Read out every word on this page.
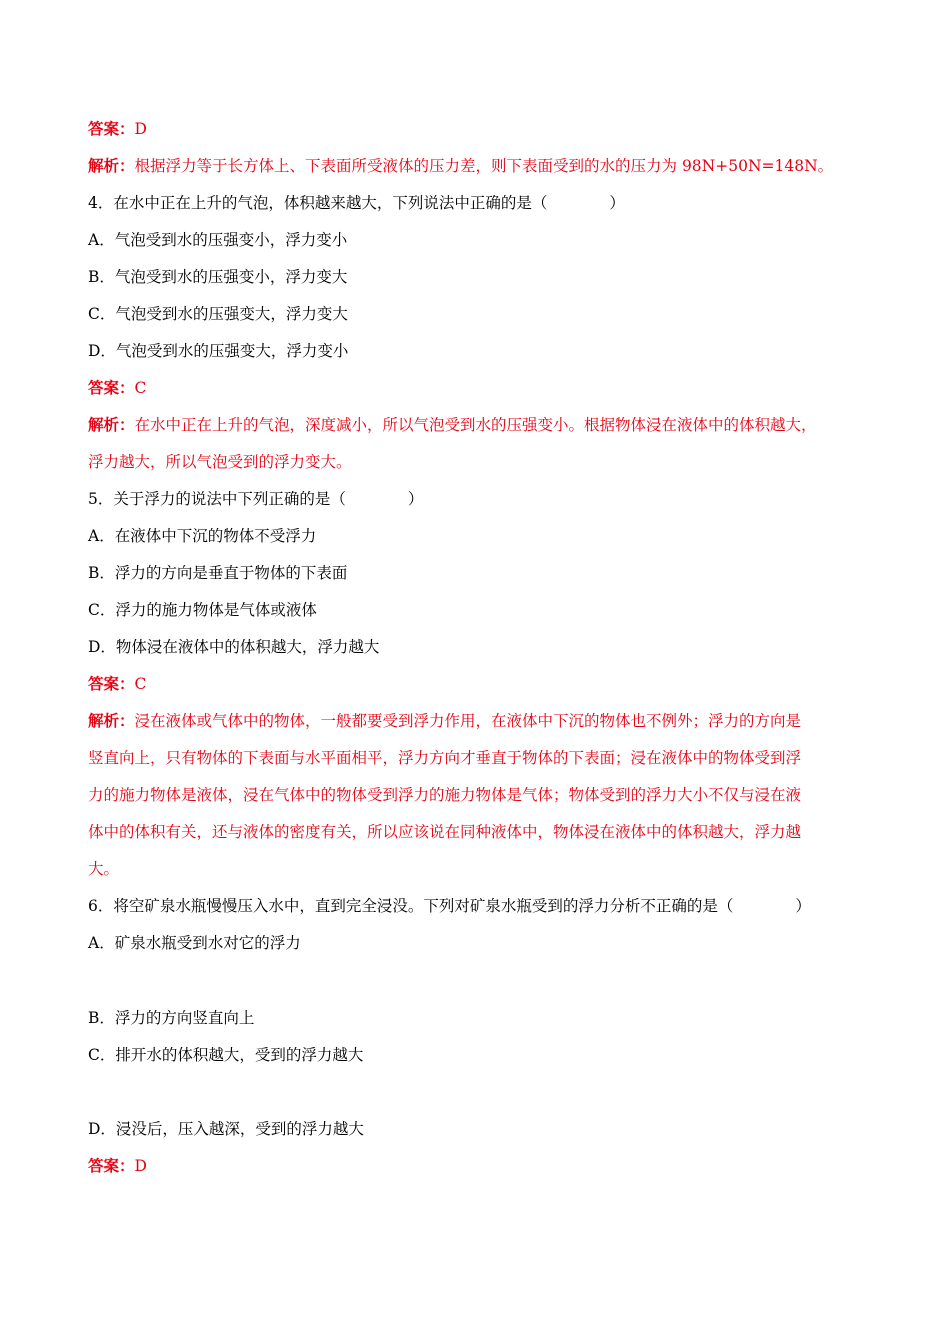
答案：D
解析：根据浮力等于长方体上、下表面所受液体的压力差，则下表面受到的水的压力为 98N+50N=148N。
4．在水中正在上升的气泡，体积越来越大，下列说法中正确的是（　　　　）
A．气泡受到水的压强变小，浮力变小
B．气泡受到水的压强变小，浮力变大
C．气泡受到水的压强变大，浮力变大
D．气泡受到水的压强变大，浮力变小
答案：C
解析：在水中正在上升的气泡，深度减小，所以气泡受到水的压强变小。根据物体浸在液体中的体积越大，
浮力越大，所以气泡受到的浮力变大。
5．关于浮力的说法中下列正确的是（　　　　）
A．在液体中下沉的物体不受浮力
B．浮力的方向是垂直于物体的下表面
C．浮力的施力物体是气体或液体
D．物体浸在液体中的体积越大，浮力越大
答案：C
解析：浸在液体或气体中的物体，一般都要受到浮力作用，在液体中下沉的物体也不例外；浮力的方向是
竖直向上，只有物体的下表面与水平面相平，浮力方向才垂直于物体的下表面；浸在液体中的物体受到浮
力的施力物体是液体，浸在气体中的物体受到浮力的施力物体是气体；物体受到的浮力大小不仅与浸在液
体中的体积有关，还与液体的密度有关，所以应该说在同种液体中，物体浸在液体中的体积越大，浮力越
大。
6．将空矿泉水瓶慢慢压入水中，直到完全浸没。下列对矿泉水瓶受到的浮力分析不正确的是（　　　　）
A．矿泉水瓶受到水对它的浮力
B．浮力的方向竖直向上
C．排开水的体积越大，受到的浮力越大
D．浸没后，压入越深，受到的浮力越大
答案：D
